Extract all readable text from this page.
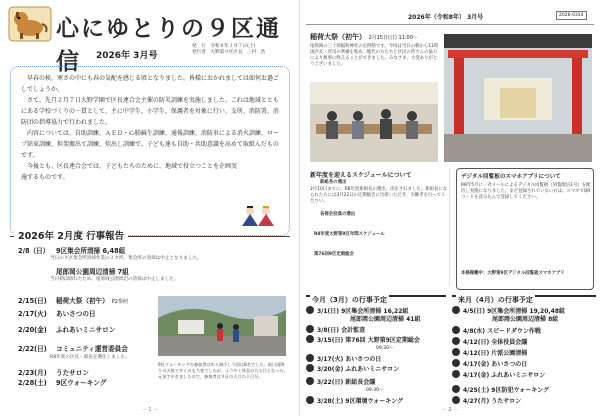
心にゆとりの９区通信	2026年 3月号
発　行　令和８年３月７日(土)
発行者　大野第９区区長　三村　浩

早春の候、寒さの中にも春の気配を感じる頃となりました。皆様におかれましては如何お過ごしでしょうか。

さて、先月２月７日大野学園で区長連合会主催の防災訓練を実施しました。これは地域とともにある学校づくりの一貫として、主に中学生、小学生、保護者を対象に行い、支所、消防署、消防団の指導協力で行われました。

内容については、自助訓練、ＡＥＤ・心肺蘇生訓練、通報訓練、消防車による消火訓練、ロープ結束訓練、担架搬出て訓練、炊出し訓練で、子ども達も自助・共助意識を高めて取組んだものです。

今後とも、区長連合会では、子どもたちのために、地域で役立つことを企画実施するものです。

2026年 2月度 行事報告
2/8（日） 9区集会所清掃 6,48組
当日の９区集会所清掃作業の２カ所、集会所の清掃は中止となりました。
尾郎岡公園周辺清掃 7組
当日朝は晴れたため、尾郎岡公園周辺の清掃は中止しました。
2/15(日) 稲荷大祭（初午） P2参照
2/17(火) あいさつの日
2/20(金) ふれあいミニサロン
2/22(日) コミュニティ運営委員会
R8年度の区長・部長を選任しました。
2/23(月) うたサロン
2/28(土) 9区ウォーキング
9区ウォーキングの参加者は年々減少し今回は8名でした。前日雨降りの天候で歩くのも大変でしたが、ようやく休息のたる日となった。元気で歩きましたので、参加者は９区の人口の１日分。
－ 1 －
2026年（令和8年） 3月号	2026-0314
稲荷大祭（初午） 2月15日(日) 11:00～
尾郎岡の三十郎稲荷神社の定例祭です。今回は当日の朝から11時頃区長・宮司の準備を進め、総代の方たちと区民の皆さんの協力により無事に終えることができました。みなさま、大変ありがとうございました。
新年度を迎えるスケジュールについて
新組長の選出
2月10日までに、R8年度新組長の選出、決定されました。新組長になられた方には3月22日の定期総会に出席いただき、引継ぎを行ってください。
各部会役員の選出
R8年度大野第9区年間スケジュール
第76回9区定期総会
デジタル回覧板のスマホアプリについて
R8年5月に一斉メールによるデジタル回覧板（回覧配信1号）を配信し実施になりました。まだ登録されていない方は、スマホでQRコードを読み込んで登録してください。
本格稼働中：大野第9区デジタル回覧板スマホアプリ
今月（3月）の行事予定
3/1(日) 9区集会所清掃 16,22組
尾郎岡公園周辺清掃 41組
3/8(日) 会計監査
3/15(日) 第76回 大野第9区定期総会
09:30～
3/17(火) あいさつの日
3/20(金) ふれあいミニサロン
3/22(日) 新組長会議
09:30～
3/28(土) 9区環境ウォーキング
来月（4月）の行事予定
4/5(日) 9区集会所清掃 19,20,48組
尾郎岡公園周辺清掃 8組
4/8(水) スピードダウン作戦
4/12(日) 全体役員会議
4/12(日) 片派公園清掃
4/17(金) あいさつの日
4/17(金) ふれあいミニサロン
4/25(土) 9区防犯ウォーキング
4/27(月) うたサロン
－ 2 －
